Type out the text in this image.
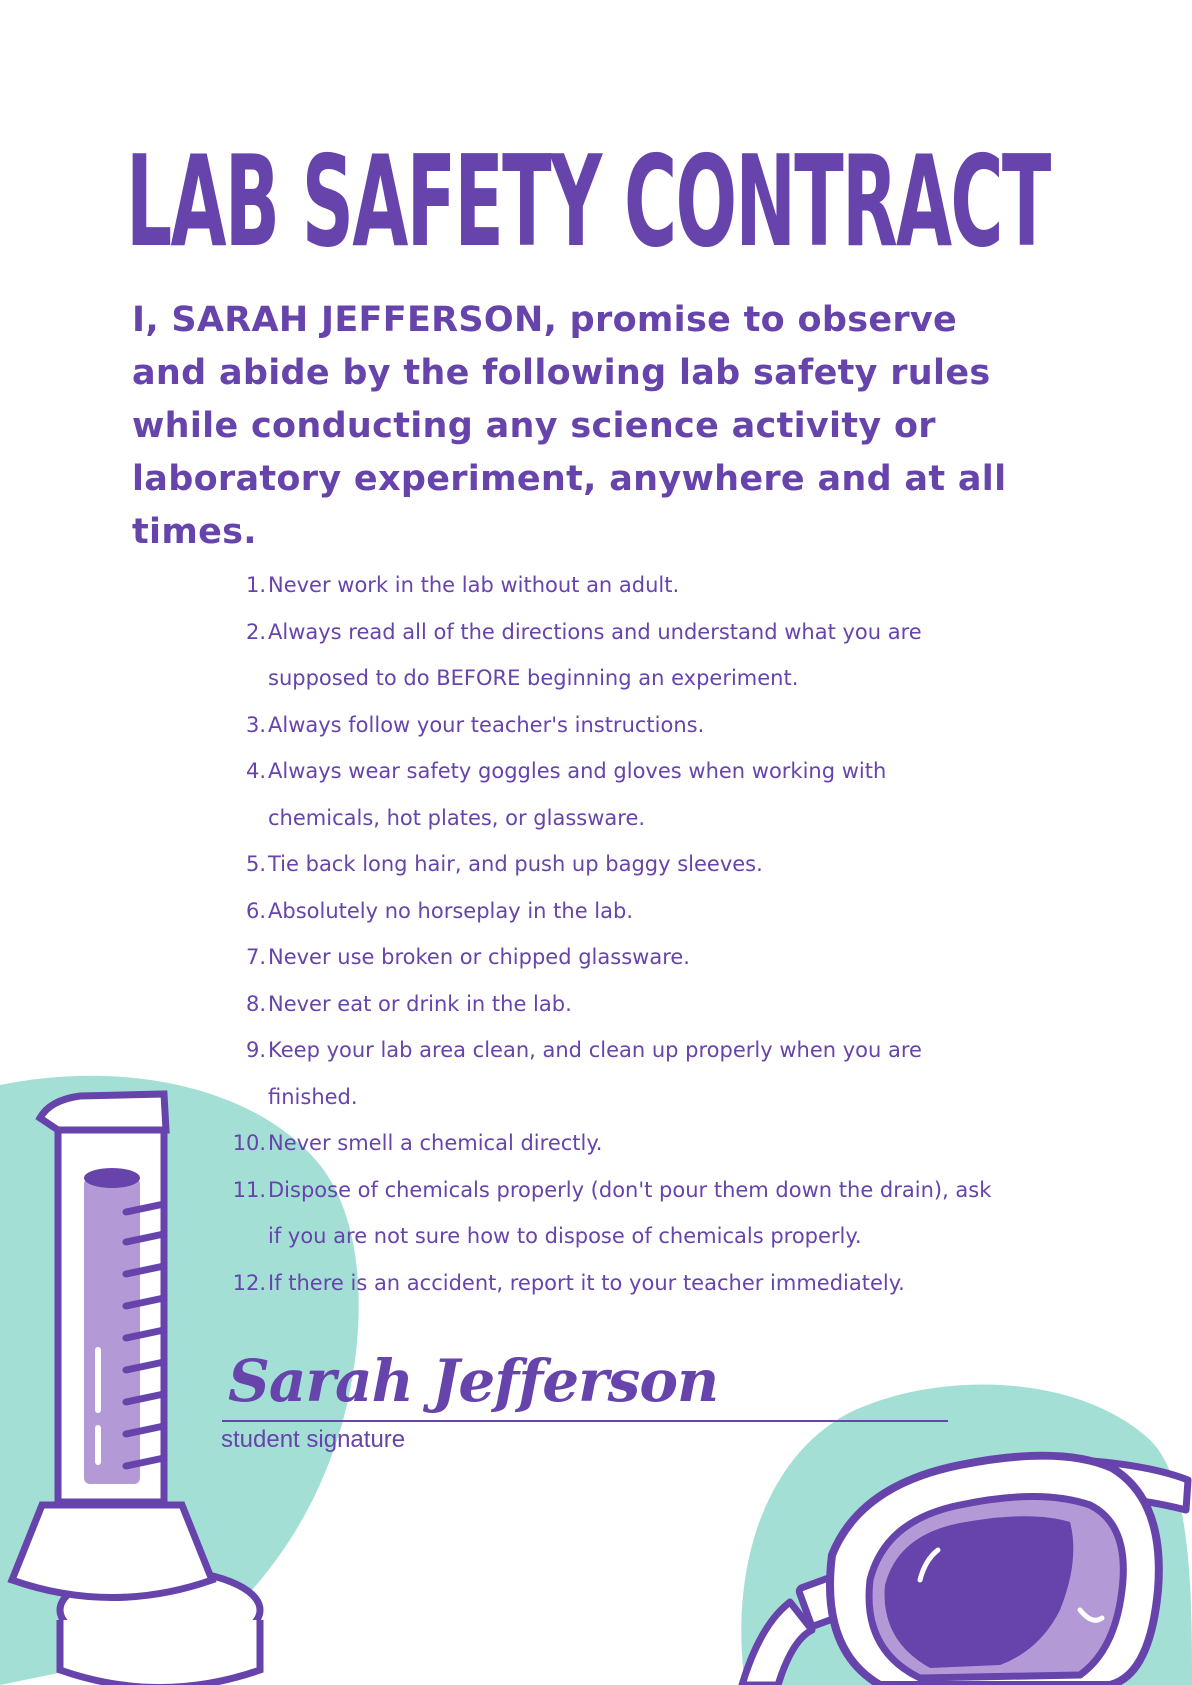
LAB SAFETY CONTRACT

I, SARAH JEFFERSON, promise to observe and abide by the following lab safety rules while conducting any science activity or laboratory experiment, anywhere and at all times.

1. Never work in the lab without an adult.
2. Always read all of the directions and understand what you are supposed to do BEFORE beginning an experiment.
3. Always follow your teacher's instructions.
4. Always wear safety goggles and gloves when working with chemicals, hot plates, or glassware.
5. Tie back long hair, and push up baggy sleeves.
6. Absolutely no horseplay in the lab.
7. Never use broken or chipped glassware.
8. Never eat or drink in the lab.
9. Keep your lab area clean, and clean up properly when you are finished.
10. Never smell a chemical directly.
11. Dispose of chemicals properly (don't pour them down the drain), ask if you are not sure how to dispose of chemicals properly.
12. If there is an accident, report it to your teacher immediately.
Sarah Jefferson
student signature
